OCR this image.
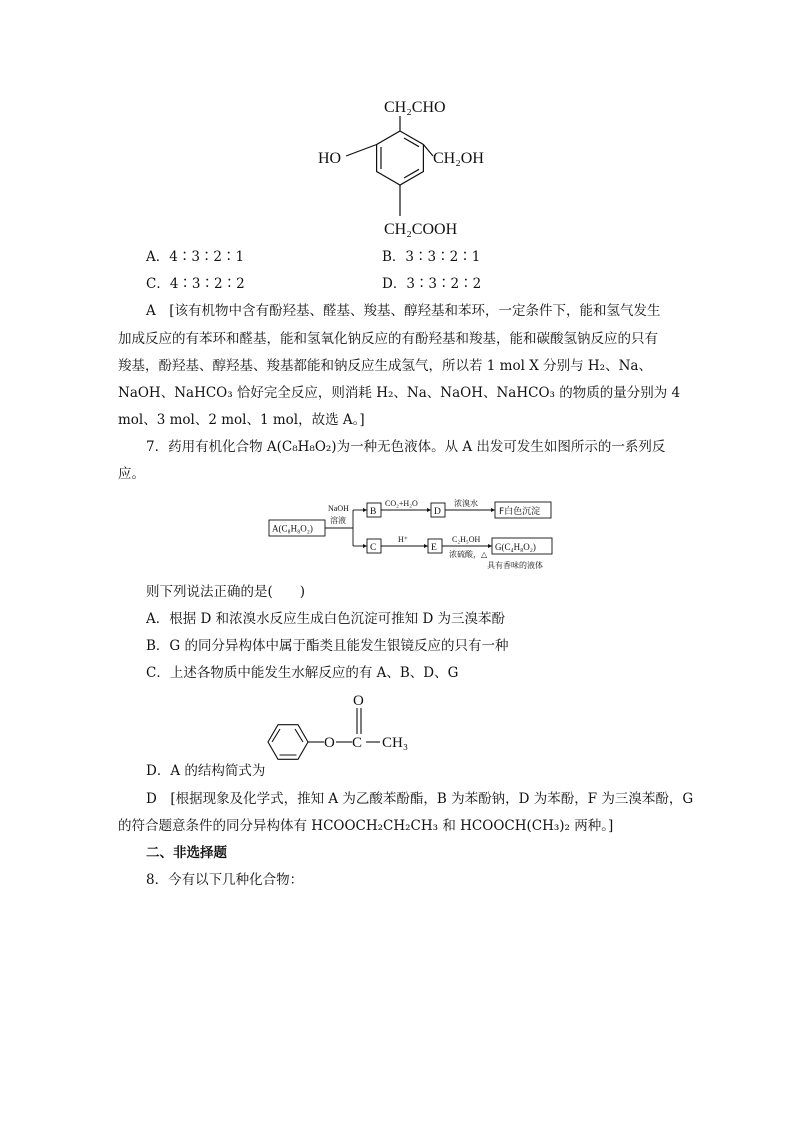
CH₂CHO
HO	CH₂OH
CH₂COOH
A．4∶3∶2∶1	B．3∶3∶2∶1
C．4∶3∶2∶2	D．3∶3∶2∶2
A　[该有机物中含有酚羟基、醛基、羧基、醇羟基和苯环，一定条件下，能和氢气发生
加成反应的有苯环和醛基，能和氢氧化钠反应的有酚羟基和羧基，能和碳酸氢钠反应的只有
羧基，酚羟基、醇羟基、羧基都能和钠反应生成氢气，所以若 1 mol X 分别与 H₂、Na、
NaOH、NaHCO₃ 恰好完全反应，则消耗 H₂、Na、NaOH、NaHCO₃ 的物质的量分别为 4
mol、3 mol、2 mol、1 mol，故选 A。]
7．药用有机化合物 A(C₈H₈O₂)为一种无色液体。从 A 出发可发生如图所示的一系列反
应。
A(C₈H₈O₂)
NaOH
溶液
B
CO₂+H₂O
D
浓溴水
F白色沉淀
C
H⁺
E
C₂H₅OH
浓硫酸，△
G(C₄H₈O₂)
具有香味的液体
则下列说法正确的是(　　)
A．根据 D 和浓溴水反应生成白色沉淀可推知 D 为三溴苯酚
B．G 的同分异构体中属于酯类且能发生银镜反应的只有一种
C．上述各物质中能发生水解反应的有 A、B、D、G
D．A 的结构简式为
O C
O
CH₃
D　[根据现象及化学式，推知 A 为乙酸苯酚酯，B 为苯酚钠，D 为苯酚，F 为三溴苯酚，G
的符合题意条件的同分异构体有 HCOOCH₂CH₂CH₃ 和 HCOOCH(CH₃)₂ 两种。]
二、非选择题
8．今有以下几种化合物：
